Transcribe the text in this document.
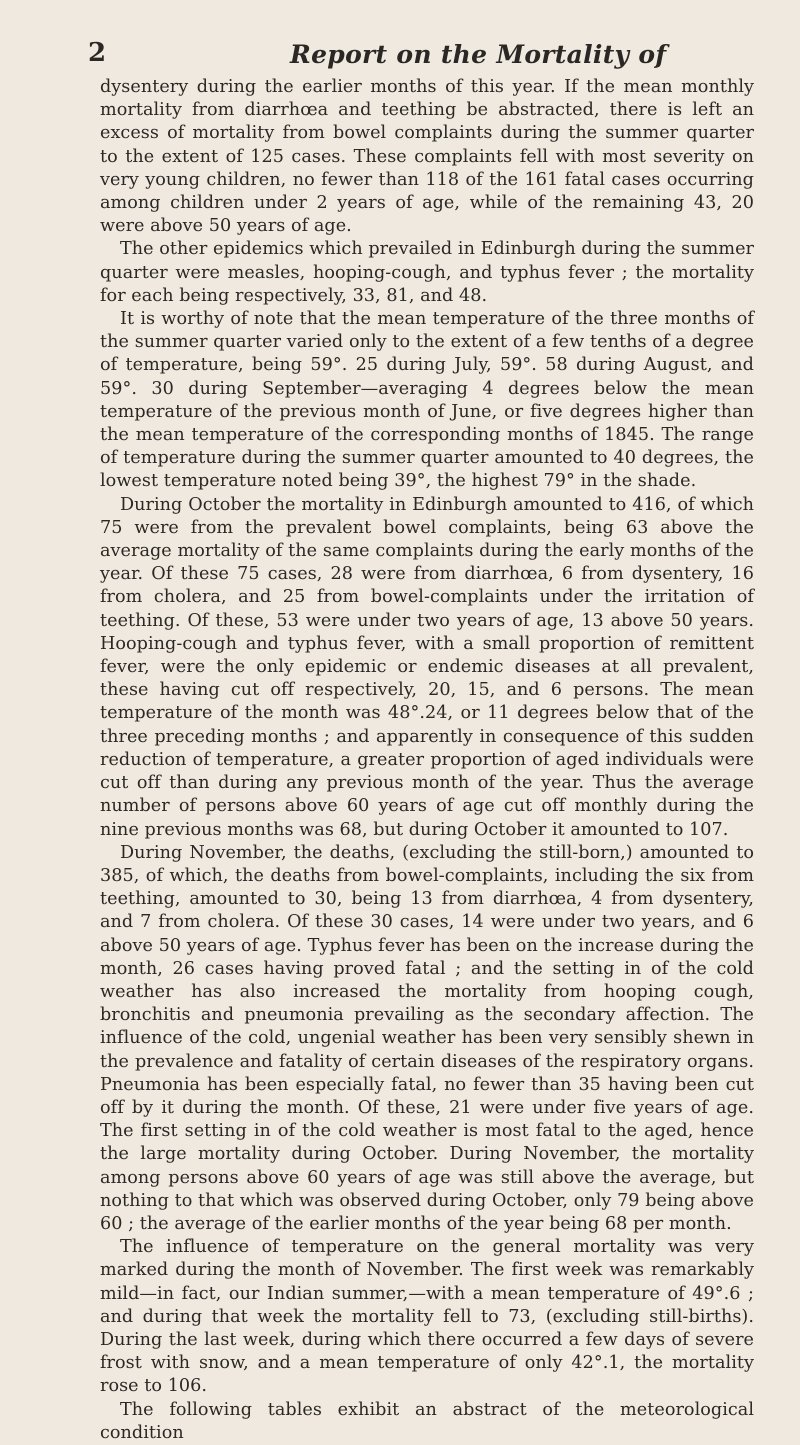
2	Report on the Mortality of

dysentery during the earlier months of this year. If the mean monthly mortality from diarrhœa and teething be abstracted, there is left an excess of mortality from bowel complaints during the summer quarter to the extent of 125 cases. These complaints fell with most severity on very young children, no fewer than 118 of the 161 fatal cases occurring among children under 2 years of age, while of the remaining 43, 20 were above 50 years of age.

The other epidemics which prevailed in Edinburgh during the summer quarter were measles, hooping-cough, and typhus fever ; the mortality for each being respectively, 33, 81, and 48.

It is worthy of note that the mean temperature of the three months of the summer quarter varied only to the extent of a few tenths of a degree of temperature, being 59°. 25 during July, 59°. 58 during August, and 59°. 30 during September—averaging 4 degrees below the mean temperature of the previous month of June, or five degrees higher than the mean temperature of the corresponding months of 1845. The range of temperature during the summer quarter amounted to 40 degrees, the lowest temperature noted being 39°, the highest 79° in the shade.

During October the mortality in Edinburgh amounted to 416, of which 75 were from the prevalent bowel complaints, being 63 above the average mortality of the same complaints during the early months of the year. Of these 75 cases, 28 were from diarrhœa, 6 from dysentery, 16 from cholera, and 25 from bowel-complaints under the irritation of teething. Of these, 53 were under two years of age, 13 above 50 years. Hooping-cough and typhus fever, with a small proportion of remittent fever, were the only epidemic or endemic diseases at all prevalent, these having cut off respectively, 20, 15, and 6 persons. The mean temperature of the month was 48°.24, or 11 degrees below that of the three preceding months ; and apparently in consequence of this sudden reduction of temperature, a greater proportion of aged individuals were cut off than during any previous month of the year. Thus the average number of persons above 60 years of age cut off monthly during the nine previous months was 68, but during October it amounted to 107.

During November, the deaths, (excluding the still-born,) amounted to 385, of which, the deaths from bowel-complaints, including the six from teething, amounted to 30, being 13 from diarrhœa, 4 from dysentery, and 7 from cholera. Of these 30 cases, 14 were under two years, and 6 above 50 years of age. Typhus fever has been on the increase during the month, 26 cases having proved fatal ; and the setting in of the cold weather has also increased the mortality from hooping cough, bronchitis and pneumonia prevailing as the secondary affection. The influence of the cold, ungenial weather has been very sensibly shewn in the prevalence and fatality of certain diseases of the respiratory organs. Pneumonia has been especially fatal, no fewer than 35 having been cut off by it during the month. Of these, 21 were under five years of age. The first setting in of the cold weather is most fatal to the aged, hence the large mortality during October. During November, the mortality among persons above 60 years of age was still above the average, but nothing to that which was observed during October, only 79 being above 60 ; the average of the earlier months of the year being 68 per month.

The influence of temperature on the general mortality was very marked during the month of November. The first week was remarkably mild—in fact, our Indian summer,—with a mean temperature of 49°.6 ; and during that week the mortality fell to 73, (excluding still-births). During the last week, during which there occurred a few days of severe frost with snow, and a mean temperature of only 42°.1, the mortality rose to 106.

The following tables exhibit an abstract of the meteorological condition
